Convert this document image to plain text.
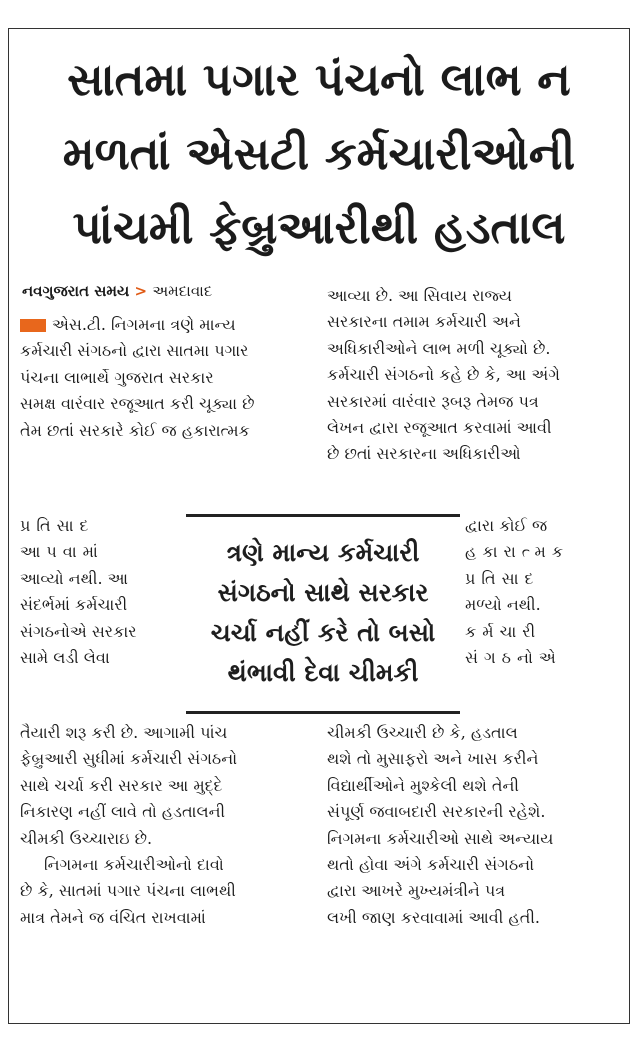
સાતમા પગાર પંચનો લાભ ન
મળતાં એસટી કર્મચારીઓની
પાંચમી ફેબ્રુઆરીથી હડતાલ
નવગુજરાત સમય > અમદાવાદ
એસ.ટી. નિગમના ત્રણે માન્ય
કર્મચારી સંગઠનો દ્વારા સાતમા પગાર
પંચના લાભાર્થે ગુજરાત સરકાર
સમક્ષ વારંવાર રજૂઆત કરી ચૂક્યા છે
તેમ છતાં સરકારે કોઈ જ હકારાત્મક
આવ્યા છે. આ સિવાય રાજ્ય
સરકારના તમામ કર્મચારી અને
અધિકારીઓને લાભ મળી ચૂક્યો છે.
કર્મચારી સંગઠનો કહે છે કે, આ અંગે
સરકારમાં વારંવાર રૂબરૂ તેમજ પત્ર
લેખન દ્વારા રજૂઆત કરવામાં આવી
છે છતાં સરકારના અધિકારીઓ
પ્રતિસાદ
આપવામાં
આવ્યો નથી. આ
સંદર્ભમાં કર્મચારી
સંગઠનોએ સરકાર
સામે લડી લેવા
ત્રણે માન્ય કર્મચારી
સંગઠનો સાથે સરકાર
ચર્ચા નહીં કરે તો બસો
થંભાવી દેવા ચીમકી
દ્વારા કોઈ જ
હકારાત્મક
પ્રતિસાદ
મળ્યો નથી.
કર્મચારી
સંગઠનોએ
તૈયારી શરૂ કરી છે. આગામી પાંચ
ફેબ્રુઆરી સુધીમાં કર્મચારી સંગઠનો
સાથે ચર્ચા કરી સરકાર આ મુદ્દે
નિકારણ નહીં લાવે તો હડતાલની
ચીમકી ઉચ્ચારાઇ છે.
નિગમના કર્મચારીઓનો દાવો
છે કે, સાતમાં પગાર પંચના લાભથી
માત્ર તેમને જ વંચિત રાખવામાં
ચીમકી ઉચ્ચારી છે કે, હડતાલ
થશે તો મુસાફરો અને ખાસ કરીને
વિદ્યાર્થીઓને મુશ્કેલી થશે તેની
સંપૂર્ણ જવાબદારી સરકારની રહેશે.
નિગમના કર્મચારીઓ સાથે અન્યાય
થતો હોવા અંગે કર્મચારી સંગઠનો
દ્વારા આખરે મુખ્યમંત્રીને પત્ર
લખી જાણ કરવાવામાં આવી હતી.
